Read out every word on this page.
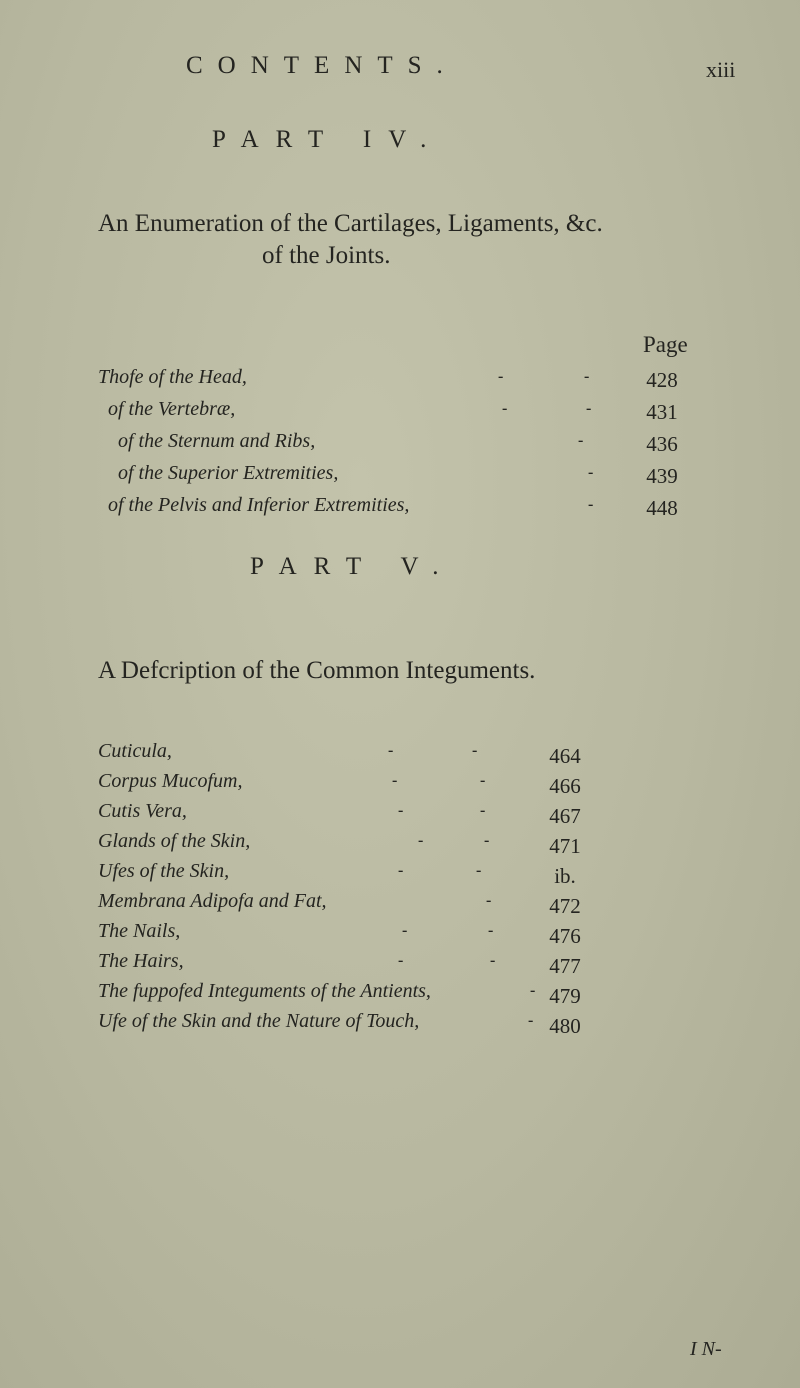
CONTENTS.	xiii
PART IV.
An Enumeration of the Cartilages, Ligaments, &c.
of the Joints.
Page
Thofe of the Head,	-	-	428
of the Vertebræ,	-	-	431
of the Sternum and Ribs,	-	436
of the Superior Extremities,	-	439
of the Pelvis and Inferior Extremities,	-	448
PART V.
A Defcription of the Common Integuments.
Cuticula,	-	-	464
Corpus Mucofum,	-	-	466
Cutis Vera,	-	-	467
Glands of the Skin,	-	-	471
Ufes of the Skin,	-	-	ib.
Membrana Adipofa and Fat,	-	472
The Nails,	-	-	476
The Hairs,	-	-	477
The fuppofed Integuments of the Antients,	- 479
Ufe of the Skin and the Nature of Touch,	- 480
I N-
